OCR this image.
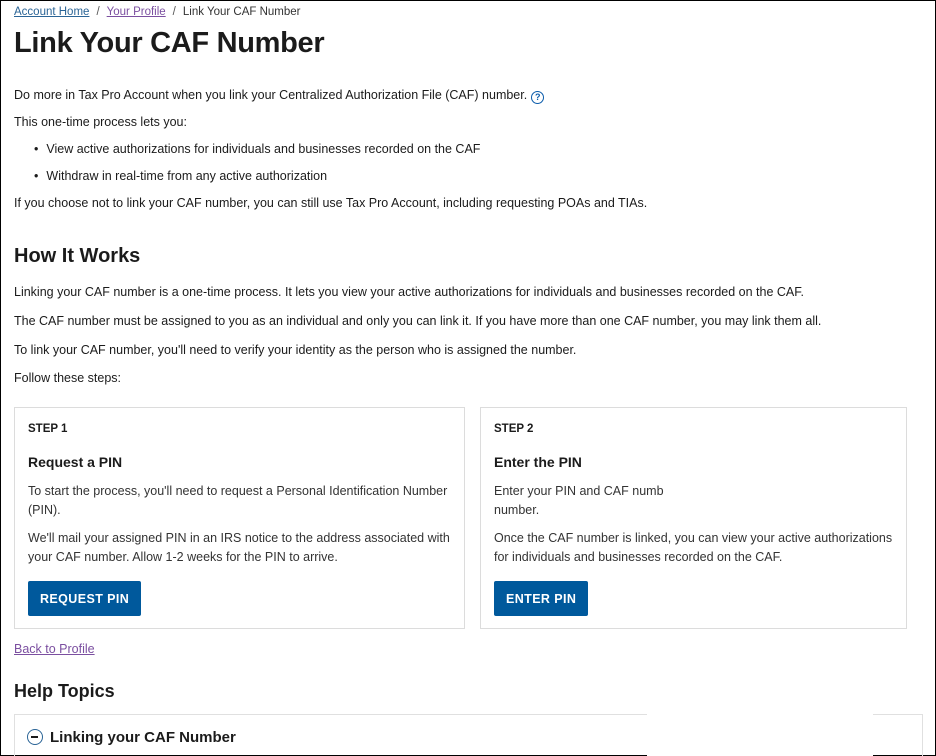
Account Home / Your Profile / Link Your CAF Number
Link Your CAF Number
Do more in Tax Pro Account when you link your Centralized Authorization File (CAF) number. ?
This one-time process lets you:
• View active authorizations for individuals and businesses recorded on the CAF
• Withdraw in real-time from any active authorization
If you choose not to link your CAF number, you can still use Tax Pro Account, including requesting POAs and TIAs.
How It Works
Linking your CAF number is a one-time process. It lets you view your active authorizations for individuals and businesses recorded on the CAF.
The CAF number must be assigned to you as an individual and only you can link it. If you have more than one CAF number, you may link them all.
To link your CAF number, you'll need to verify your identity as the person who is assigned the number.
Follow these steps:
STEP 1
Request a PIN

To start the process, you'll need to request a Personal Identification Number (PIN).

We'll mail your assigned PIN in an IRS notice to the address associated with your CAF number. Allow 1-2 weeks for the PIN to arrive.

REQUEST PIN
STEP 2
Enter the PIN

Enter your PIN and CAF numb

number.

Once the CAF number is linked, you can view your active authorizations for individuals and businesses recorded on the CAF.

ENTER PIN
Back to Profile
Help Topics
Linking your CAF Number
